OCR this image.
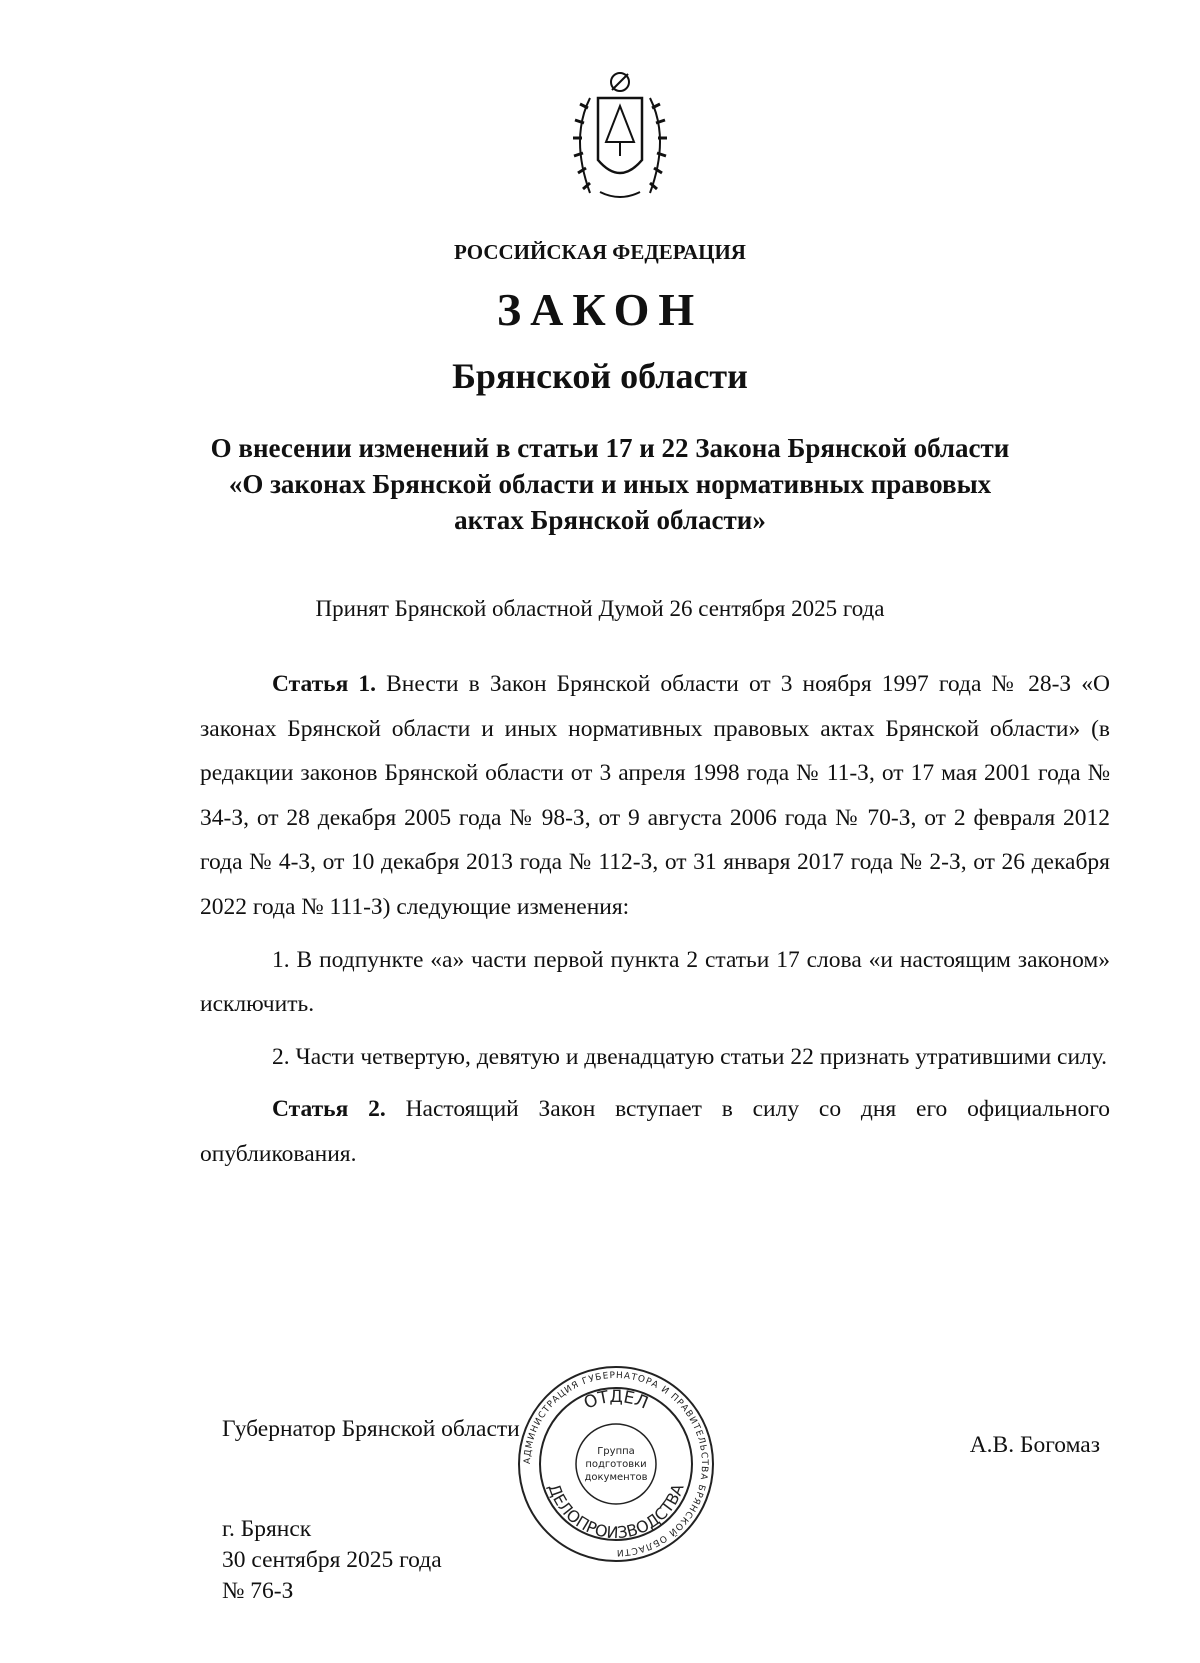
РОССИЙСКАЯ ФЕДЕРАЦИЯ
ЗАКОН
Брянской области
О внесении изменений в статьи 17 и 22 Закона Брянской области «О законах Брянской области и иных нормативных правовых актах Брянской области»
Принят Брянской областной Думой 26 сентября 2025 года

Статья 1. Внести в Закон Брянской области от 3 ноября 1997 года № 28-З «О законах Брянской области и иных нормативных правовых актах Брянской области» (в редакции законов Брянской области от 3 апреля 1998 года № 11-З, от 17 мая 2001 года № 34-З, от 28 декабря 2005 года № 98-З, от 9 августа 2006 года № 70-З, от 2 февраля 2012 года № 4-З, от 10 декабря 2013 года № 112-З, от 31 января 2017 года № 2-З, от 26 декабря 2022 года № 111-З) следующие изменения:

1. В подпункте «а» части первой пункта 2 статьи 17 слова «и настоящим законом» исключить.

2. Части четвертую, девятую и двенадцатую статьи 22 признать утратившими силу.

Статья 2. Настоящий Закон вступает в силу со дня его официального опубликования.

Губернатор Брянской области
А.В. Богомаз
г. Брянск
30 сентября 2025 года
№ 76-З
АДМИНИСТРАЦИЯ ГУБЕРНАТОРА И ПРАВИТЕЛЬСТВА БРЯНСКОЙ ОБЛАСТИ
ОТДЕЛ
ДЕЛОПРОИЗВОДСТВА
Группа
подготовки
документов
